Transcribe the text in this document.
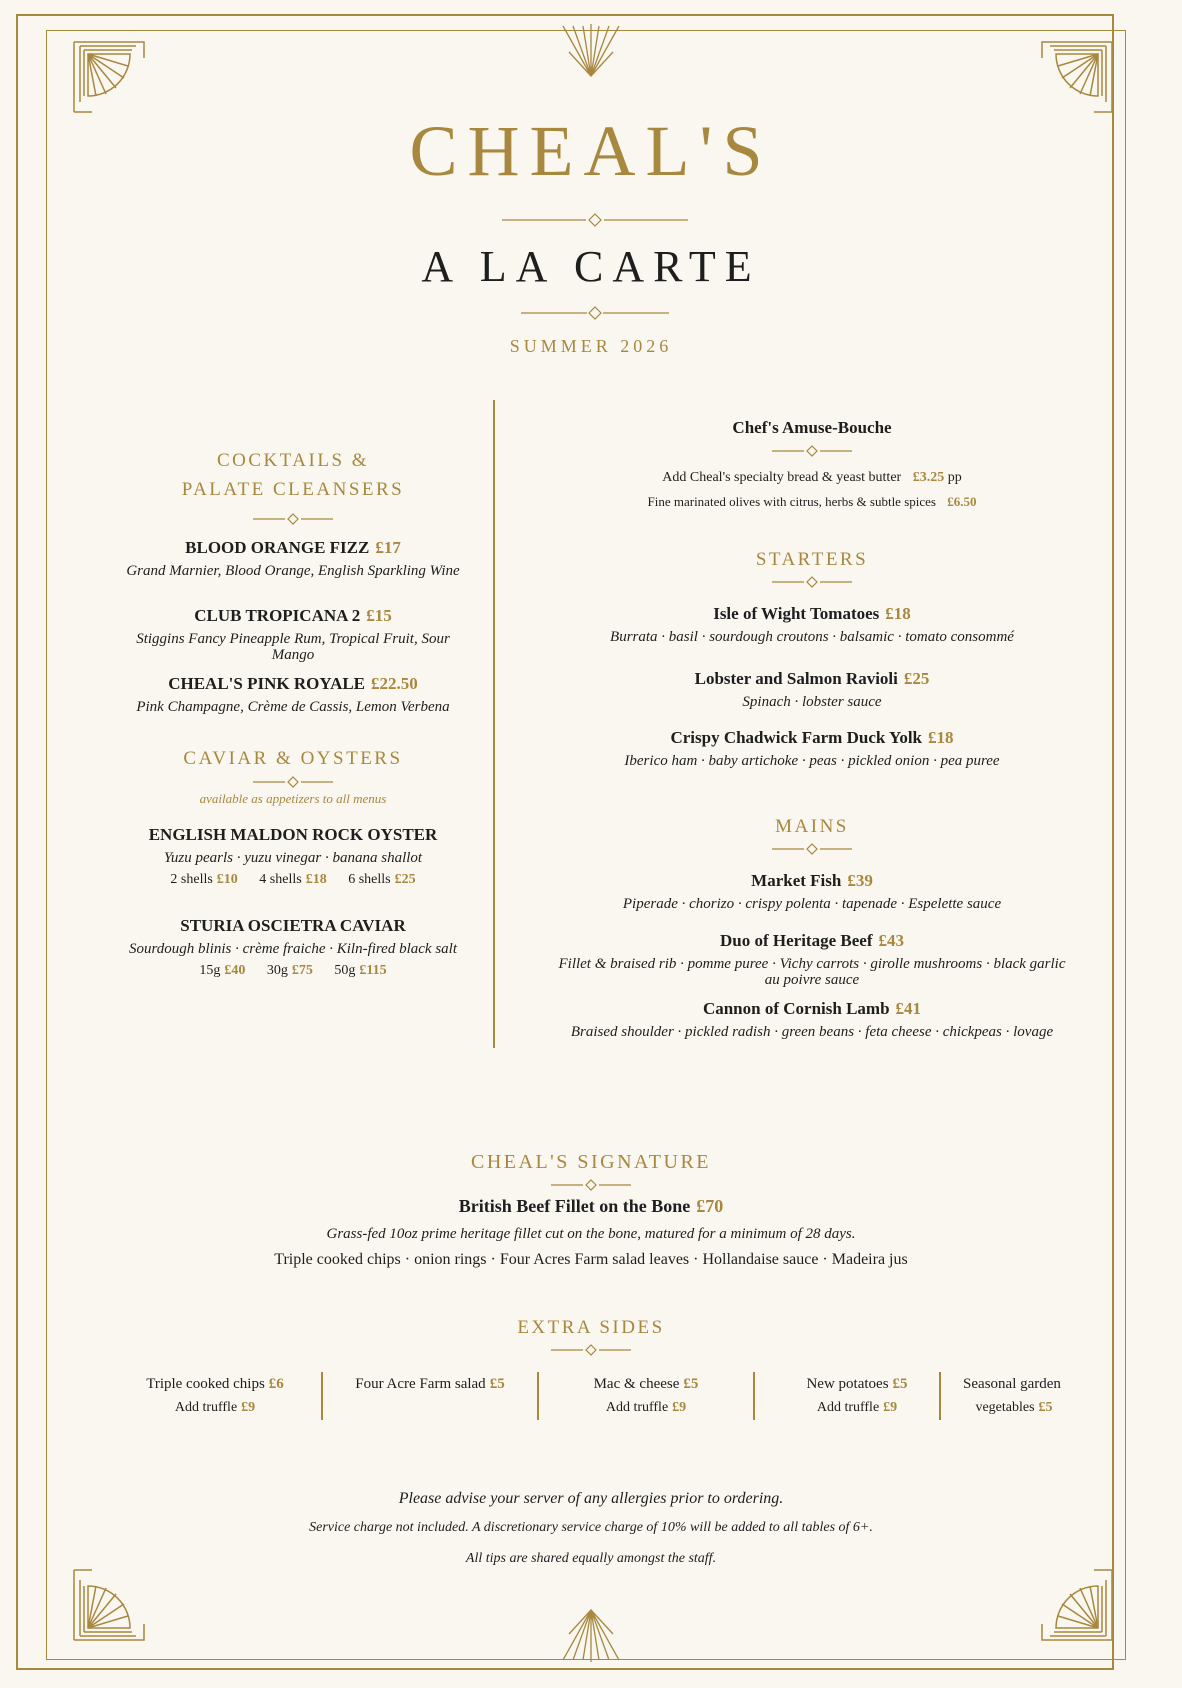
CHEAL'S
A LA CARTE
SUMMER 2026
COCKTAILS &
PALATE CLEANSERS
BLOOD ORANGE FIZZ £17
Grand Marnier, Blood Orange, English Sparkling Wine
CLUB TROPICANA 2 £15
Stiggins Fancy Pineapple Rum, Tropical Fruit, Sour
Mango
CHEAL'S PINK ROYALE £22.50
Pink Champagne, Crème de Cassis, Lemon Verbena
CAVIAR & OYSTERS
available as appetizers to all menus
ENGLISH MALDON ROCK OYSTER
Yuzu pearls · yuzu vinegar · banana shallot
2 shells £10 4 shells £18 6 shells £25
STURIA OSCIETRA CAVIAR
Sourdough blinis · crème fraiche · Kiln-fired black salt
15g £40 30g £75 50g £115
Chef's Amuse-Bouche
Add Cheal's specialty bread & yeast butter £3.25 pp
Fine marinated olives with citrus, herbs & subtle spices £6.50
STARTERS
Isle of Wight Tomatoes £18
Burrata · basil · sourdough croutons · balsamic · tomato consommé
Lobster and Salmon Ravioli £25
Spinach · lobster sauce
Crispy Chadwick Farm Duck Yolk £18
Iberico ham · baby artichoke · peas · pickled onion · pea puree
MAINS
Market Fish £39
Piperade · chorizo · crispy polenta · tapenade · Espelette sauce
Duo of Heritage Beef £43
Fillet & braised rib · pomme puree · Vichy carrots · girolle mushrooms · black garlic
au poivre sauce
Cannon of Cornish Lamb £41
Braised shoulder · pickled radish · green beans · feta cheese · chickpeas · lovage
CHEAL'S SIGNATURE
British Beef Fillet on the Bone £70
Grass-fed 10oz prime heritage fillet cut on the bone, matured for a minimum of 28 days.
Triple cooked chips · onion rings · Four Acres Farm salad leaves · Hollandaise sauce · Madeira jus
EXTRA SIDES
Triple cooked chips £6
Add truffle £9
Four Acre Farm salad £5	Mac & cheese £5
Add truffle £9
New potatoes £5
Add truffle £9
Seasonal garden
vegetables £5
Please advise your server of any allergies prior to ordering.
Service charge not included. A discretionary service charge of 10% will be added to all tables of 6+.
All tips are shared equally amongst the staff.
